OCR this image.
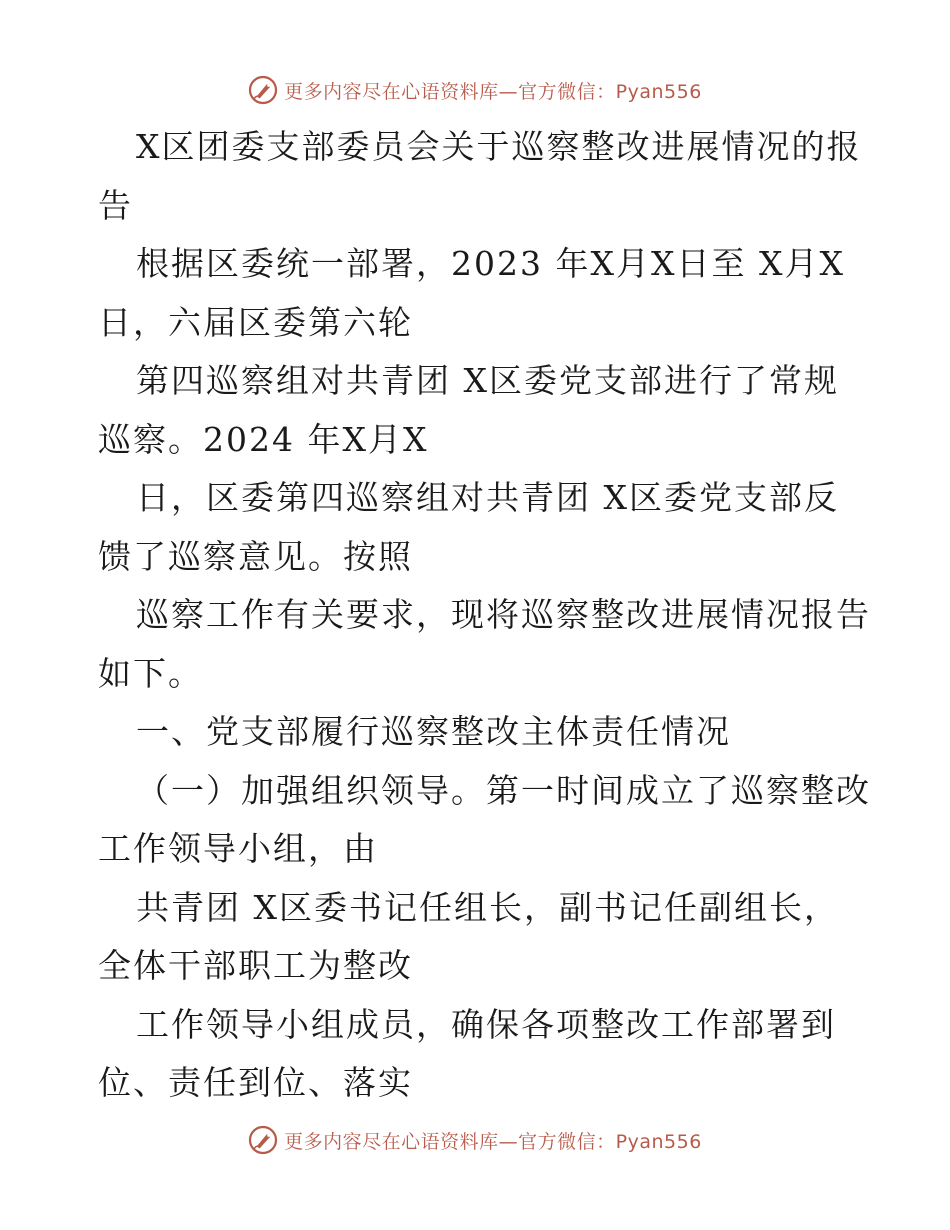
更多内容尽在心语资料库—官方微信：Pyan556
X区团委支部委员会关于巡察整改进展情况的报
告
根据区委统一部署，2023 年X月X日至 X月X
日，六届区委第六轮
第四巡察组对共青团 X区委党支部进行了常规
巡察。2024 年X月X
日，区委第四巡察组对共青团 X区委党支部反
馈了巡察意见。按照
巡察工作有关要求，现将巡察整改进展情况报告
如下。
一、党支部履行巡察整改主体责任情况
（一）加强组织领导。第一时间成立了巡察整改
工作领导小组，由
共青团 X区委书记任组长，副书记任副组长，
全体干部职工为整改
工作领导小组成员，确保各项整改工作部署到
位、责任到位、落实
更多内容尽在心语资料库—官方微信：Pyan556
